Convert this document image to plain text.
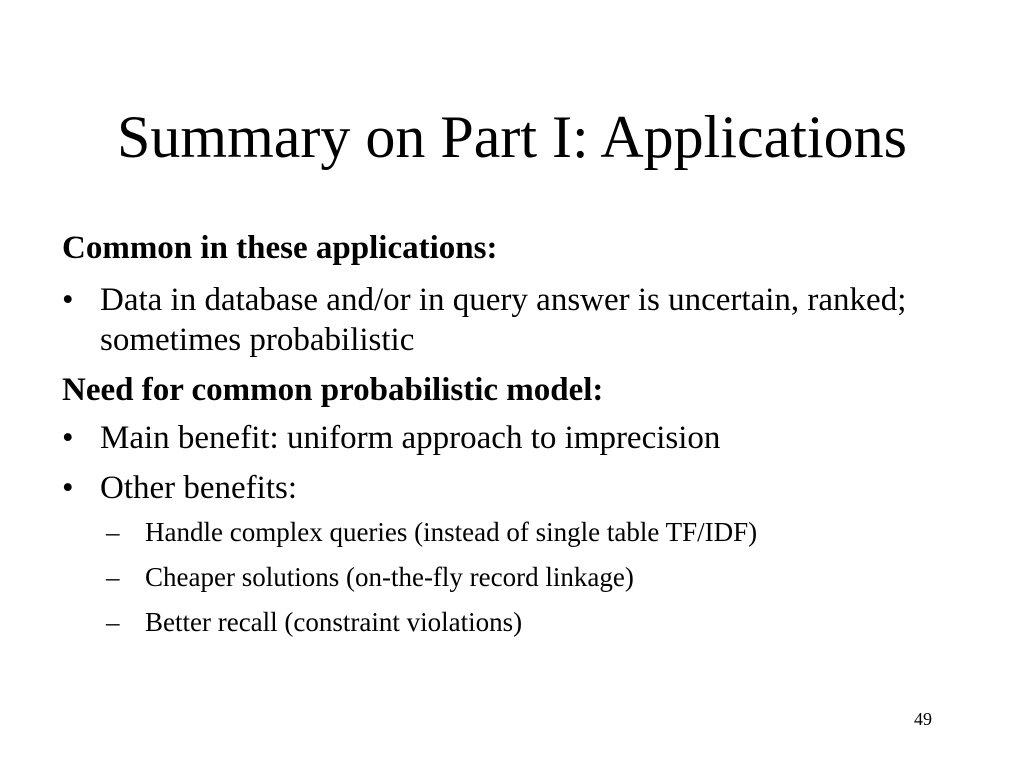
Summary on Part I: Applications
Common in these applications:
• Data in database and/or in query answer is uncertain, ranked; sometimes probabilistic
Need for common probabilistic model:
• Main benefit: uniform approach to imprecision
• Other benefits:
– Handle complex queries (instead of single table TF/IDF)
– Cheaper solutions (on-the-fly record linkage)
– Better recall (constraint violations)
49
